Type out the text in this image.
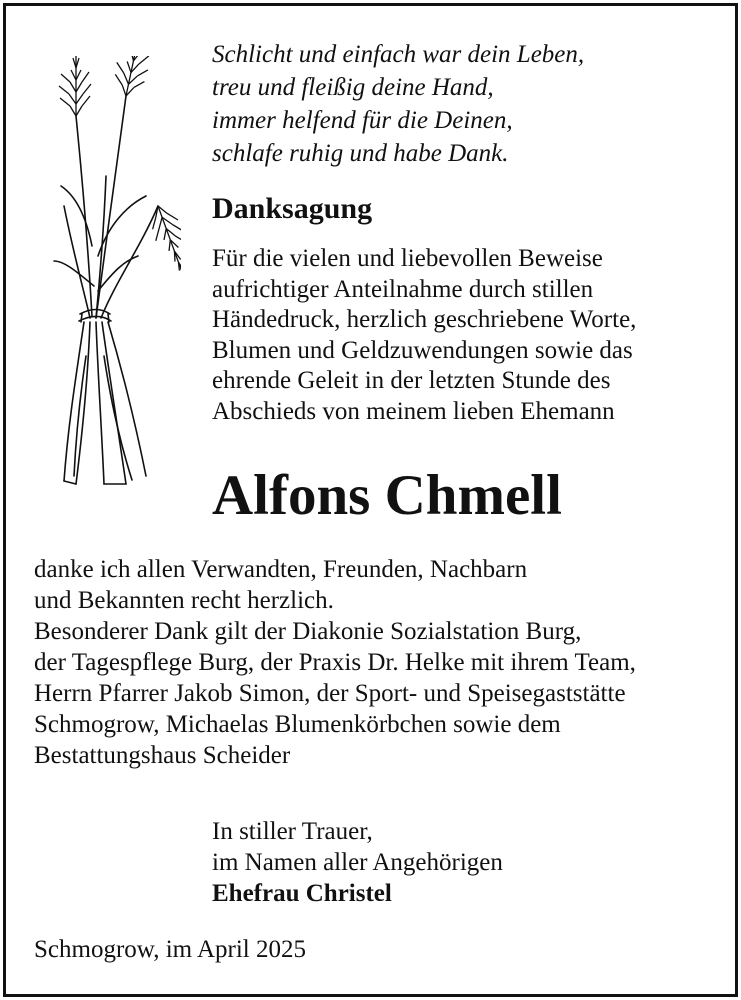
Schlicht und einfach war dein Leben,
treu und fleißig deine Hand,
immer helfend für die Deinen,
schlafe ruhig und habe Dank.
Danksagung
Für die vielen und liebevollen Beweise
aufrichtiger Anteilnahme durch stillen
Händedruck, herzlich geschriebene Worte,
Blumen und Geldzuwendungen sowie das
ehrende Geleit in der letzten Stunde des
Abschieds von meinem lieben Ehemann
Alfons Chmell
danke ich allen Verwandten, Freunden, Nachbarn
und Bekannten recht herzlich.
Besonderer Dank gilt der Diakonie Sozialstation Burg,
der Tagespflege Burg, der Praxis Dr. Helke mit ihrem Team,
Herrn Pfarrer Jakob Simon, der Sport- und Speisegaststätte
Schmogrow, Michaelas Blumenkörbchen sowie dem
Bestattungshaus Scheider
In stiller Trauer,
im Namen aller Angehörigen
Ehefrau Christel
Schmogrow, im April 2025
